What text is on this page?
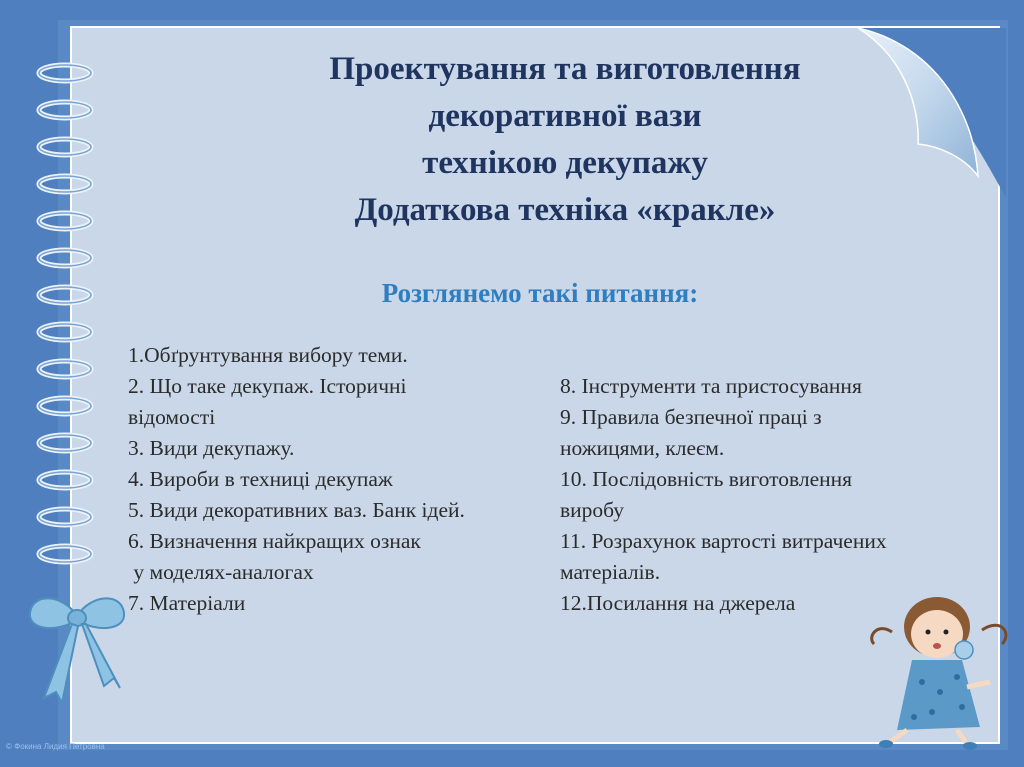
Проектування та виготовлення
декоративної вази
технікою декупажу
Додаткова техніка «кракле»
Розглянемо такі питання:
1.Обґрунтування вибору теми.
2. Що таке декупаж. Історичні
відомості
3. Види декупажу.
4. Вироби в техниці декупаж
5. Види декоративних ваз. Банк ідей.
6. Визначення найкращих ознак
у моделях-аналогах
7. Матеріали
8. Інструменти та пристосування
9. Правила безпечної праці з
ножицями, клеєм.
10. Послідовність виготовлення
виробу
11. Розрахунок вартості витрачених
матеріалів.
12.Посилання на джерела
© Фокина Лидия Петровна
